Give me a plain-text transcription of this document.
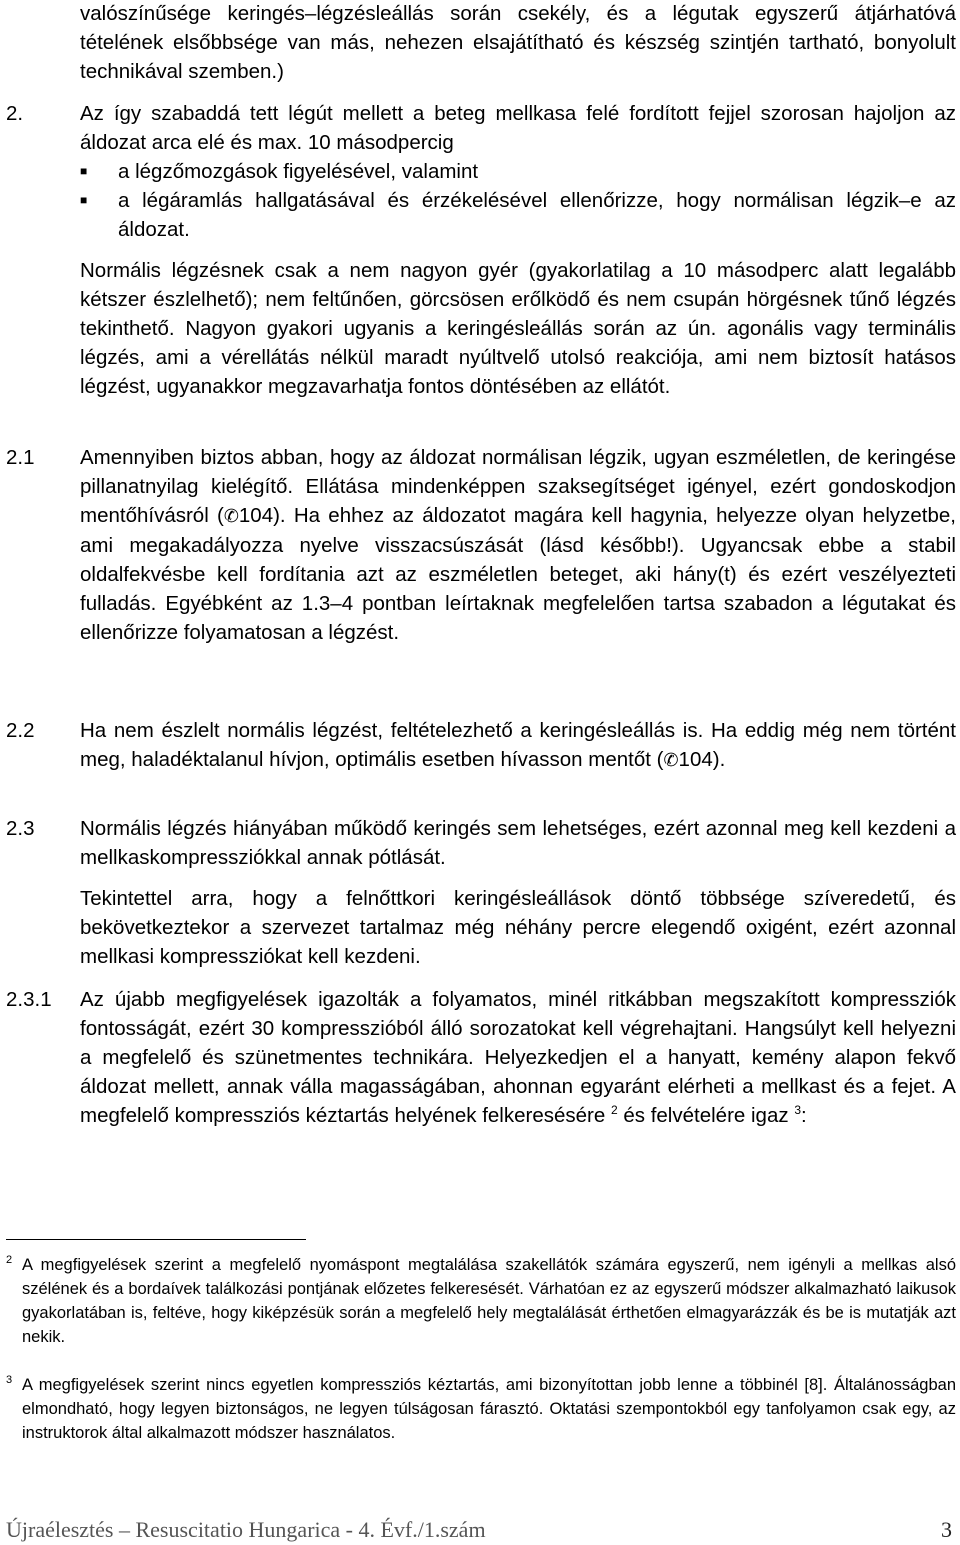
valószínűsége keringés–légzésleállás során csekély, és a légutak egyszerű átjárhatóvá tételének elsőbbsége van más, nehezen elsajátítható és készség szintjén tartható, bonyolult technikával szemben.)

2.	Az így szabaddá tett légút mellett a beteg mellkasa felé fordított fejjel szorosan hajoljon az áldozat arca elé és max. 10 másodpercig

■ a légzőmozgások figyelésével, valamint

■ a légáramlás hallgatásával és érzékelésével ellenőrizze, hogy normálisan légzik–e az áldozat.

Normális légzésnek csak a nem nagyon gyér (gyakorlatilag a 10 másodperc alatt legalább kétszer észlelhető); nem feltűnően, görcsösen erőlködő és nem csupán hörgésnek tűnő légzés tekinthető. Nagyon gyakori ugyanis a keringésleállás során az ún. agonális vagy terminális légzés, ami a vérellátás nélkül maradt nyúltvelő utolsó reakciója, ami nem biztosít hatásos légzést, ugyanakkor megzavarhatja fontos döntésében az ellátót.

2.1 Amennyiben biztos abban, hogy az áldozat normálisan légzik, ugyan eszméletlen, de keringése pillanatnyilag kielégítő. Ellátása mindenképpen szaksegítséget igényel, ezért gondoskodjon mentőhívásról (✆104). Ha ehhez az áldozatot magára kell hagynia, helyezze olyan helyzetbe, ami megakadályozza nyelve visszacsúszását (lásd később!). Ugyancsak ebbe a stabil oldalfekvésbe kell fordítania azt az eszméletlen beteget, aki hány(t) és ezért veszélyezteti fulladás. Egyébként az 1.3–4 pontban leírtaknak megfelelően tartsa szabadon a légutakat és ellenőrizze folyamatosan a légzést.

2.2 Ha nem észlelt normális légzést, feltételezhető a keringésleállás is. Ha eddig még nem történt meg, haladéktalanul hívjon, optimális esetben hívasson mentőt (✆104).

2.3 Normális légzés hiányában működő keringés sem lehetséges, ezért azonnal meg kell kezdeni a mellkaskompressziókkal annak pótlását.

Tekintettel arra, hogy a felnőttkori keringésleállások döntő többsége szíveredetű, és bekövetkeztekor a szervezet tartalmaz még néhány percre elegendő oxigént, ezért azonnal mellkasi kompressziókat kell kezdeni.

2.3.1 Az újabb megfigyelések igazolták a folyamatos, minél ritkábban megszakított kompressziók fontosságát, ezért 30 kompresszióból álló sorozatokat kell végrehajtani. Hangsúlyt kell helyezni a megfelelő és szünetmentes technikára. Helyezkedjen el a hanyatt, kemény alapon fekvő áldozat mellett, annak válla magasságában, ahonnan egyaránt elérheti a mellkast és a fejet. A megfelelő kompressziós kéztartás helyének felkeresésére $^2$ és felvételére igaz $^3$:

2 A megfigyelések szerint a megfelelő nyomáspont megtalálása szakellátók számára egyszerű, nem igényli a mellkas alsó szélének és a bordaívek találkozási pontjának előzetes felkeresését. Várhatóan ez az egyszerű módszer alkalmazható laikusok gyakorlatában is, feltéve, hogy kiképzésük során a megfelelő hely megtalálását érthetően elmagyarázzák és be is mutatják azt nekik.

3 A megfigyelések szerint nincs egyetlen kompressziós kéztartás, ami bizonyítottan jobb lenne a többinél [8]. Általánosságban elmondható, hogy legyen biztonságos, ne legyen túlságosan fárasztó. Oktatási szempontokból egy tanfolyamon csak egy, az instruktorok által alkalmazott módszer használatos.

Újraélesztés – Resuscitatio Hungarica - 4. Évf./1.szám	3
